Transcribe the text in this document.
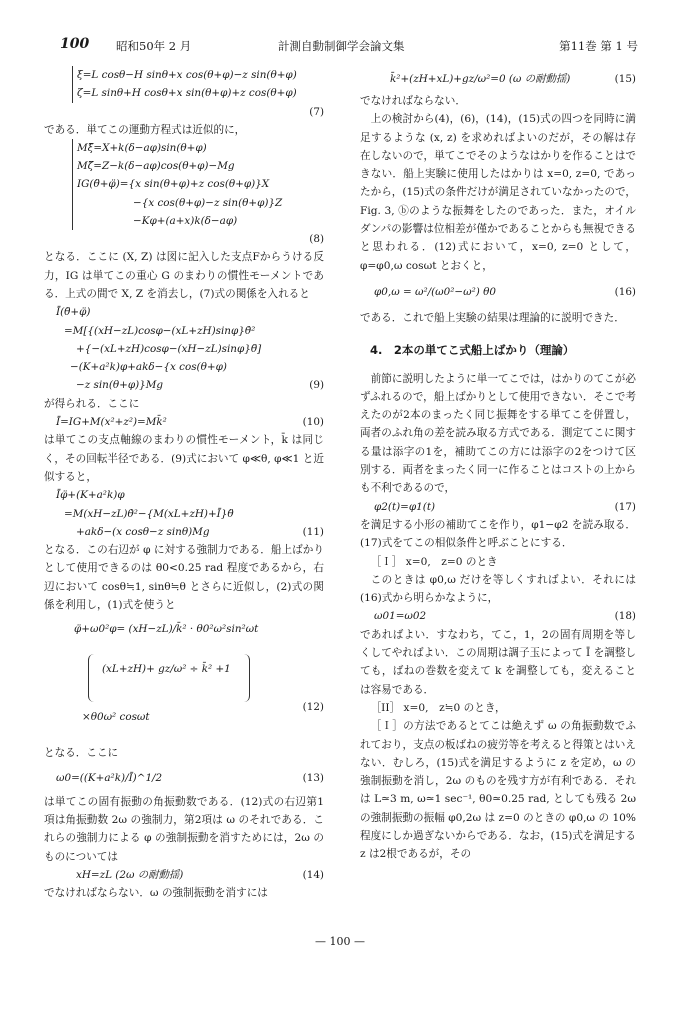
100 昭和50年 2 月	計測自動制御学会論文集	第11巻 第 1 号
ξ=L cosθ−H sinθ+x cos(θ+φ)−z sin(θ+φ)
ζ=L sinθ+H cosθ+x sin(θ+φ)+z cos(θ+φ)
(7)

である．単てこの運動方程式は近似的に，

Mξ̈=X+k(δ−aφ)sin(θ+φ)
Mζ̈=Z−k(δ−aφ)cos(θ+φ)−Mg
IG(θ̈+φ̈)={x sin(θ+φ)+z cos(θ+φ)}X
−{x cos(θ+φ)−z sin(θ+φ)}Z
−Kφ+(a+x)k(δ−aφ)
(8)

となる．ここに (X, Z) は図に記入した支点Fからうける反力，IG は単てこの重心 G のまわりの慣性モーメントである．上式の間で X, Z を消去し，(7)式の関係を入れると

Ī(θ̈+φ̈)
=M[{(xH−zL)cosφ−(xL+zH)sinφ}θ̇²
+{−(xL+zH)cosφ−(xH−zL)sinφ}θ̈]
−(K+a²k)φ+akδ−{x cos(θ+φ)
−z sin(θ+φ)}Mg	(9)

が得られる．ここに

Ī=IG+M(x²+z²)=Mk̄²	(10)

は単てこの支点軸線のまわりの慣性モーメント，k̄ は同じく，その回転半径である．(9)式において φ≪θ, φ≪1 と近似すると，

Īφ̈+(K+a²k)φ
=M(xH−zL)θ̇²−{M(xL+zH)+Ī}θ̈
+akδ−(x cosθ−z sinθ)Mg	(11)

となる．この右辺が φ に対する強制力である．船上ばかりとして使用できるのは θ0<0.25 rad 程度であるから，右辺において cosθ≒1, sinθ≒θ とさらに近似し，(2)式の関係を利用し，(1)式を使うと

φ̈+ω0²φ= (xH−zL)/k̄² · θ0²ω²sin²ωt
(xL+zH)+ gz/ω² ÷ k̄² +1
×θ0ω² cosωt
(12)

となる．ここに

ω0=((K+a²k)/Ī)^1/2	(13)

は単てこの固有振動の角振動数である．(12)式の右辺第1項は角振動数 2ω の強制力，第2項は ω のそれである．これらの強制力による φ の強制振動を消すためには，2ω のものについては

xH=zL (2ω の耐動揺)	(14)

でなければならない．ω の強制振動を消すには

k̄²+(zH+xL)+gz/ω²=0 (ω の耐動揺)	(15)

でなければならない．

上の検討から(4)，(6)，(14)，(15)式の四つを同時に満足するような (x, z) を求めればよいのだが，その解は存在しないので，単てこでそのようなはかりを作ることはできない．船上実験に使用したはかりは x=0, z=0, であったから，(15)式の条件だけが満足されていなかったので，Fig. 3, ⓑのような振舞をしたのであった．また，オイルダンパの影響は位相差が僅かであることからも無視できると思われる．(12)式において，x=0, z=0 として，φ=φ0,ω cosωt とおくと，

φ0,ω = ω²/(ω0²−ω²) θ0	(16)

である．これで船上実験の結果は理論的に説明できた．

4.　2本の単てこ式船上ばかり（理論）

前節に説明したように単一てこでは，はかりのてこが必ずふれるので，船上ばかりとして使用できない．そこで考えたのが2本のまったく同じ振舞をする単てこを併置し，両者のふれ角の差を読み取る方式である．測定てこに関する量は添字の1を，補助てこの方には添字の2をつけて区別する．両者をまったく同一に作ることはコストの上からも不利であるので，

φ2(t)=φ1(t)	(17)

を満足する小形の補助てこを作り，φ1−φ2 を読み取る．(17)式をてこの相似条件と呼ぶことにする．

［Ｉ］ x=0,　z=0 のとき

このときは φ0,ω だけを等しくすればよい．それには(16)式から明らかなように，

ω01=ω02	(18)

であればよい．すなわち，てこ，1，2の固有周期を等しくしてやればよい．この周期は調子玉によって Ī を調整しても，ばねの巻数を変えて k を調整しても，変えることは容易である．

［II］ x=0,　z≒0 のとき，

［Ｉ］の方法であるとてこは絶えず ω の角振動数でふれており，支点の板ばねの疲労等を考えると得策とはいえない．むしろ，(15)式を満足するように z を定め，ω の強制振動を消し，2ω のものを残す方が有利である．それは L≃3 m, ω≃1 sec⁻¹, θ0≃0.25 rad, としても残る 2ω の強制振動の振幅 φ0,2ω は z=0 のときの φ0,ω の 10% 程度にしか過ぎないからである．なお，(15)式を満足する z は2根であるが，その

— 100 —
